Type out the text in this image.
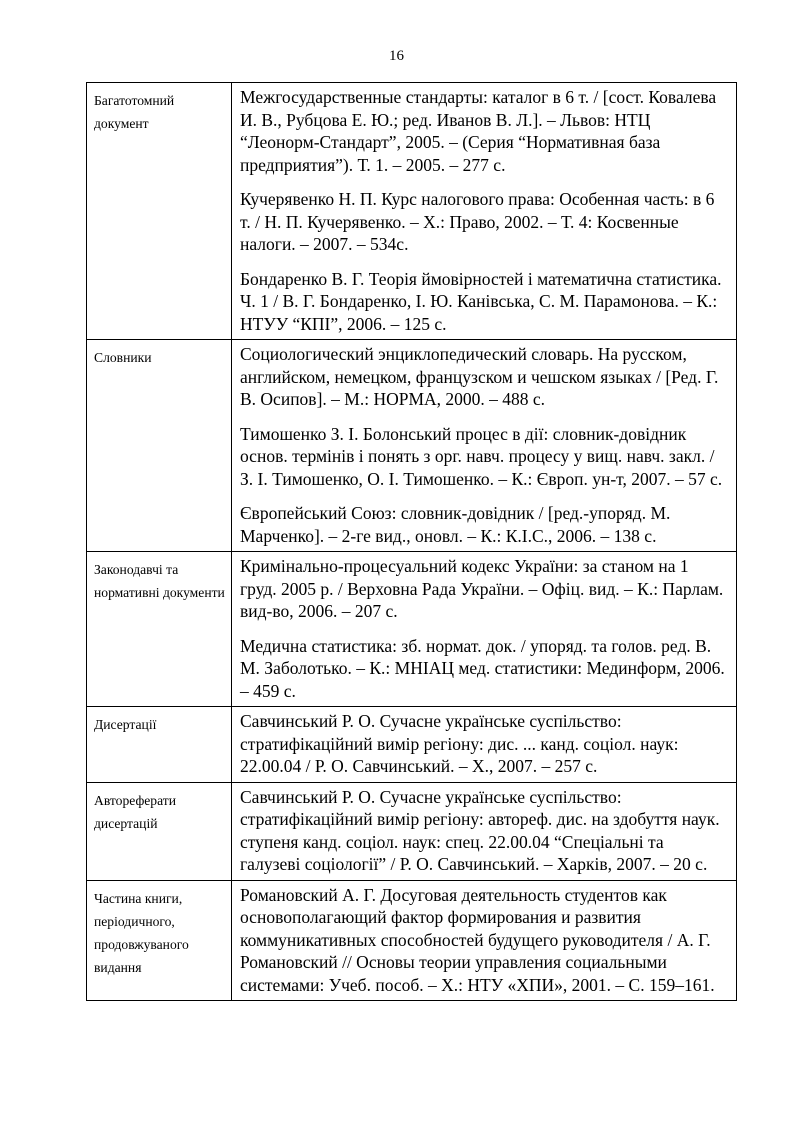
16
Багатотомний документ	Межгосударственные стандарты: каталог в 6 т. / [сост. Ковалева И. В., Рубцова Е. Ю.; ред. Иванов В. Л.]. – Львов: НТЦ “Леонорм-Стандарт”, 2005. – (Серия “Нормативная база предприятия”). Т. 1. – 2005. – 277 с.

Кучерявенко Н. П. Курс налогового права: Особенная часть: в 6 т. / Н. П. Кучерявенко. – Х.: Право, 2002. – Т. 4: Косвенные налоги. – 2007. – 534с.

Бондаренко В. Г. Теорія ймовірностей і математична статистика. Ч. 1 / В. Г. Бондаренко, І. Ю. Канівська, С. М. Парамонова. – К.: НТУУ “КПІ”, 2006. – 125 с.

Словники	Социологический энциклопедический словарь. На русском, английском, немецком, французском и чешском языках / [Ред. Г. В. Осипов]. – М.: НОРМА, 2000. – 488 с.

Тимошенко З. І. Болонський процес в дії: словник-довідник основ. термінів і понять з орг. навч. процесу у вищ. навч. закл. / З. І. Тимошенко, О. І. Тимошенко. – К.: Європ. ун-т, 2007. – 57 с.

Європейський Союз: словник-довідник / [ред.-упоряд. М. Марченко]. – 2-ге вид., оновл. – К.: К.І.С., 2006. – 138 с.

Законодавчі та нормативні документи	Кримінально-процесуальний кодекс України: за станом на 1 груд. 2005 р. / Верховна Рада України. – Офіц. вид. – К.: Парлам. вид-во, 2006. – 207 с.

Медична статистика: зб. нормат. док. / упоряд. та голов. ред. В. М. Заболотько. – К.: МНІАЦ мед. статистики: Мединформ, 2006. – 459 с.

Дисертації	Савчинський Р. О. Сучасне українське суспільство: стратифікаційний вимір регіону: дис. ... канд. соціол. наук: 22.00.04 / Р. О. Савчинський. – Х., 2007. – 257 с.

Автореферати дисертацій	Савчинський Р. О. Сучасне українське суспільство: стратифікаційний вимір регіону: автореф. дис. на здобуття наук. ступеня канд. соціол. наук: спец. 22.00.04 “Спеціальні та галузеві соціології” / Р. О. Савчинський. – Харків, 2007. – 20 с.

Частина книги, періодичного, продовжуваного видання	Романовский А. Г. Досуговая деятельность студентов как основополагающий фактор формирования и развития коммуникативных способностей будущего руководителя / А. Г. Романовский // Основы теории управления социальными системами: Учеб. пособ. – Х.: НТУ «ХПИ», 2001. – С. 159–161.
